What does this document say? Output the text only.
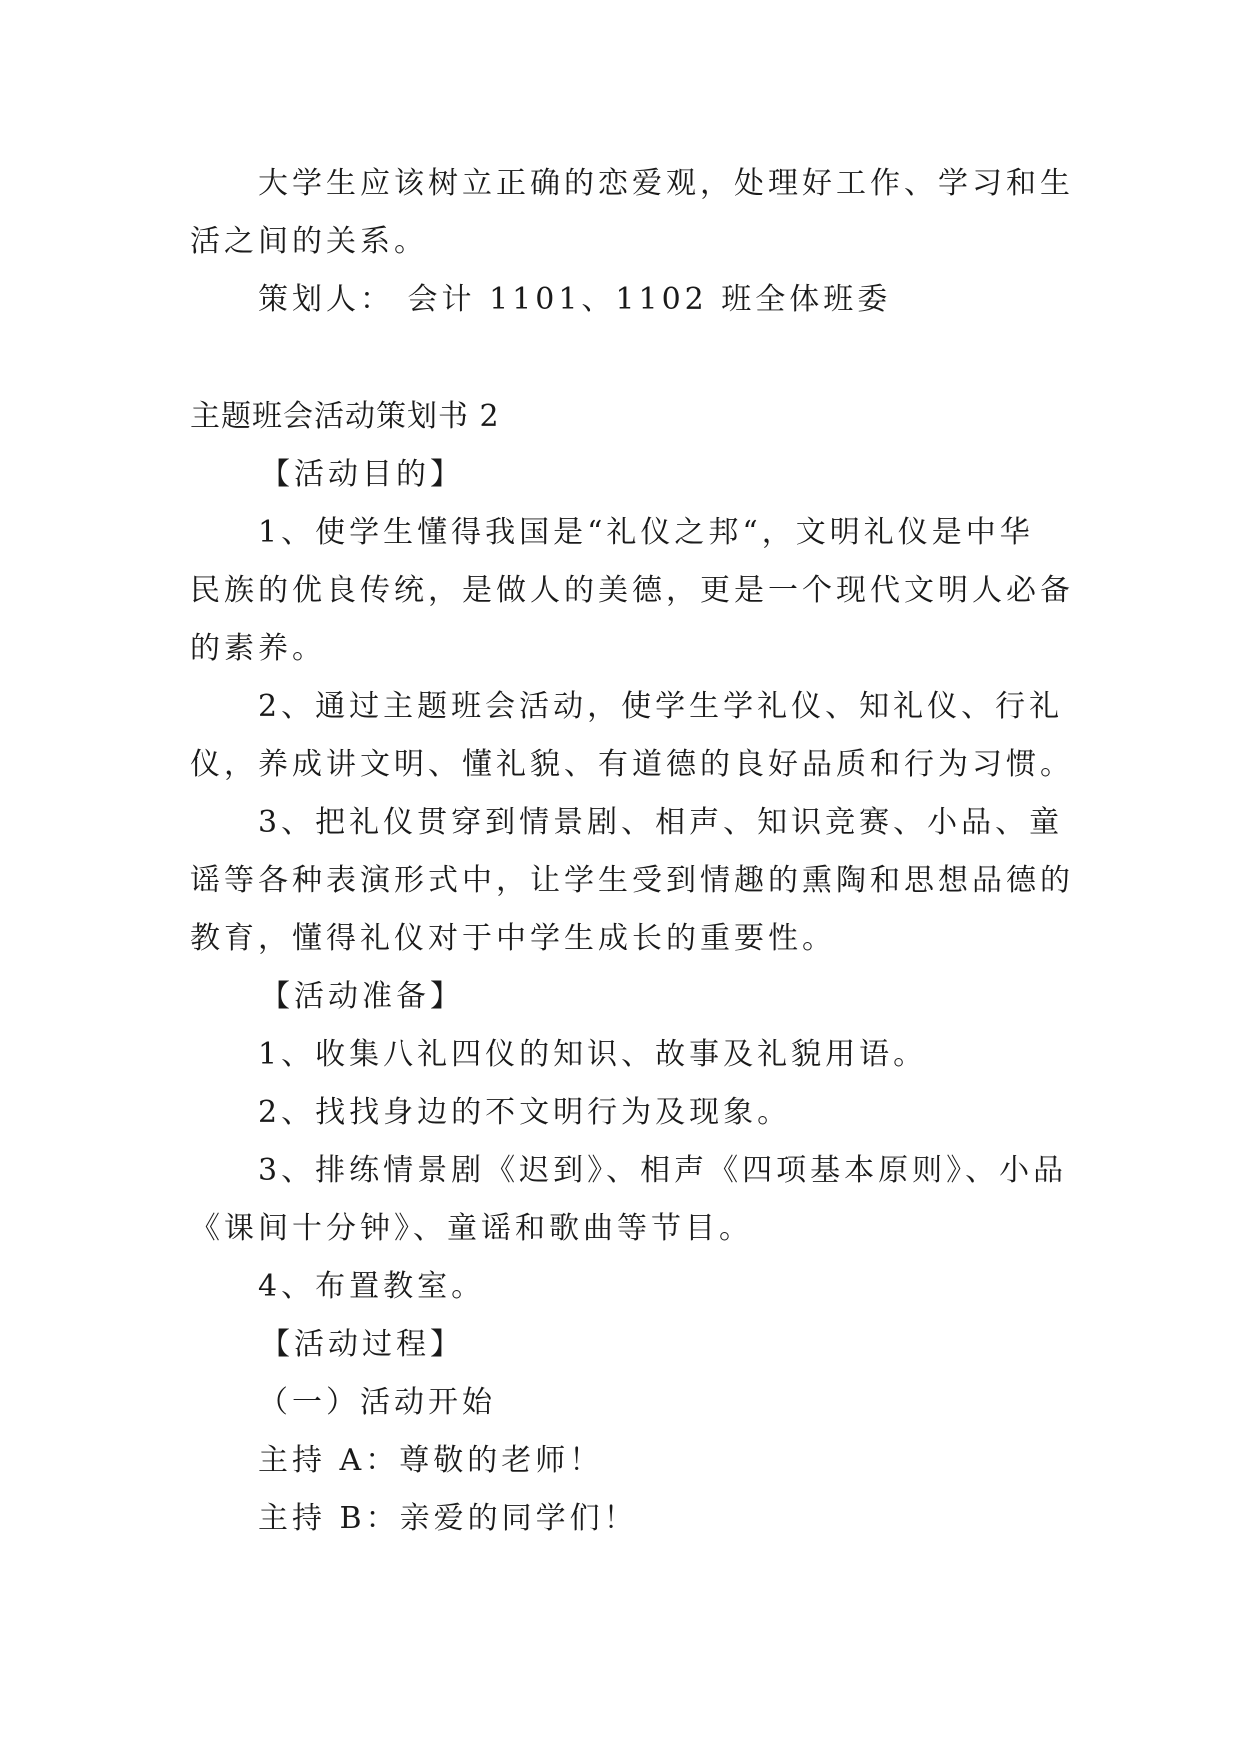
大学生应该树立正确的恋爱观，处理好工作、学习和生
活之间的关系。
策划人： 会计 1101、1102 班全体班委
主题班会活动策划书 2
【活动目的】
1、使学生懂得我国是“礼仪之邦“，文明礼仪是中华
民族的优良传统，是做人的美德，更是一个现代文明人必备
的素养。
2、通过主题班会活动，使学生学礼仪、知礼仪、行礼
仪，养成讲文明、懂礼貌、有道德的良好品质和行为习惯。
3、把礼仪贯穿到情景剧、相声、知识竞赛、小品、童
谣等各种表演形式中，让学生受到情趣的熏陶和思想品德的
教育，懂得礼仪对于中学生成长的重要性。
【活动准备】
1、收集八礼四仪的知识、故事及礼貌用语。
2、找找身边的不文明行为及现象。
3、排练情景剧《迟到》、相声《四项基本原则》、小品
《课间十分钟》、童谣和歌曲等节目。
4、布置教室。
【活动过程】
（一）活动开始
主持 A：尊敬的老师！
主持 B：亲爱的同学们！
